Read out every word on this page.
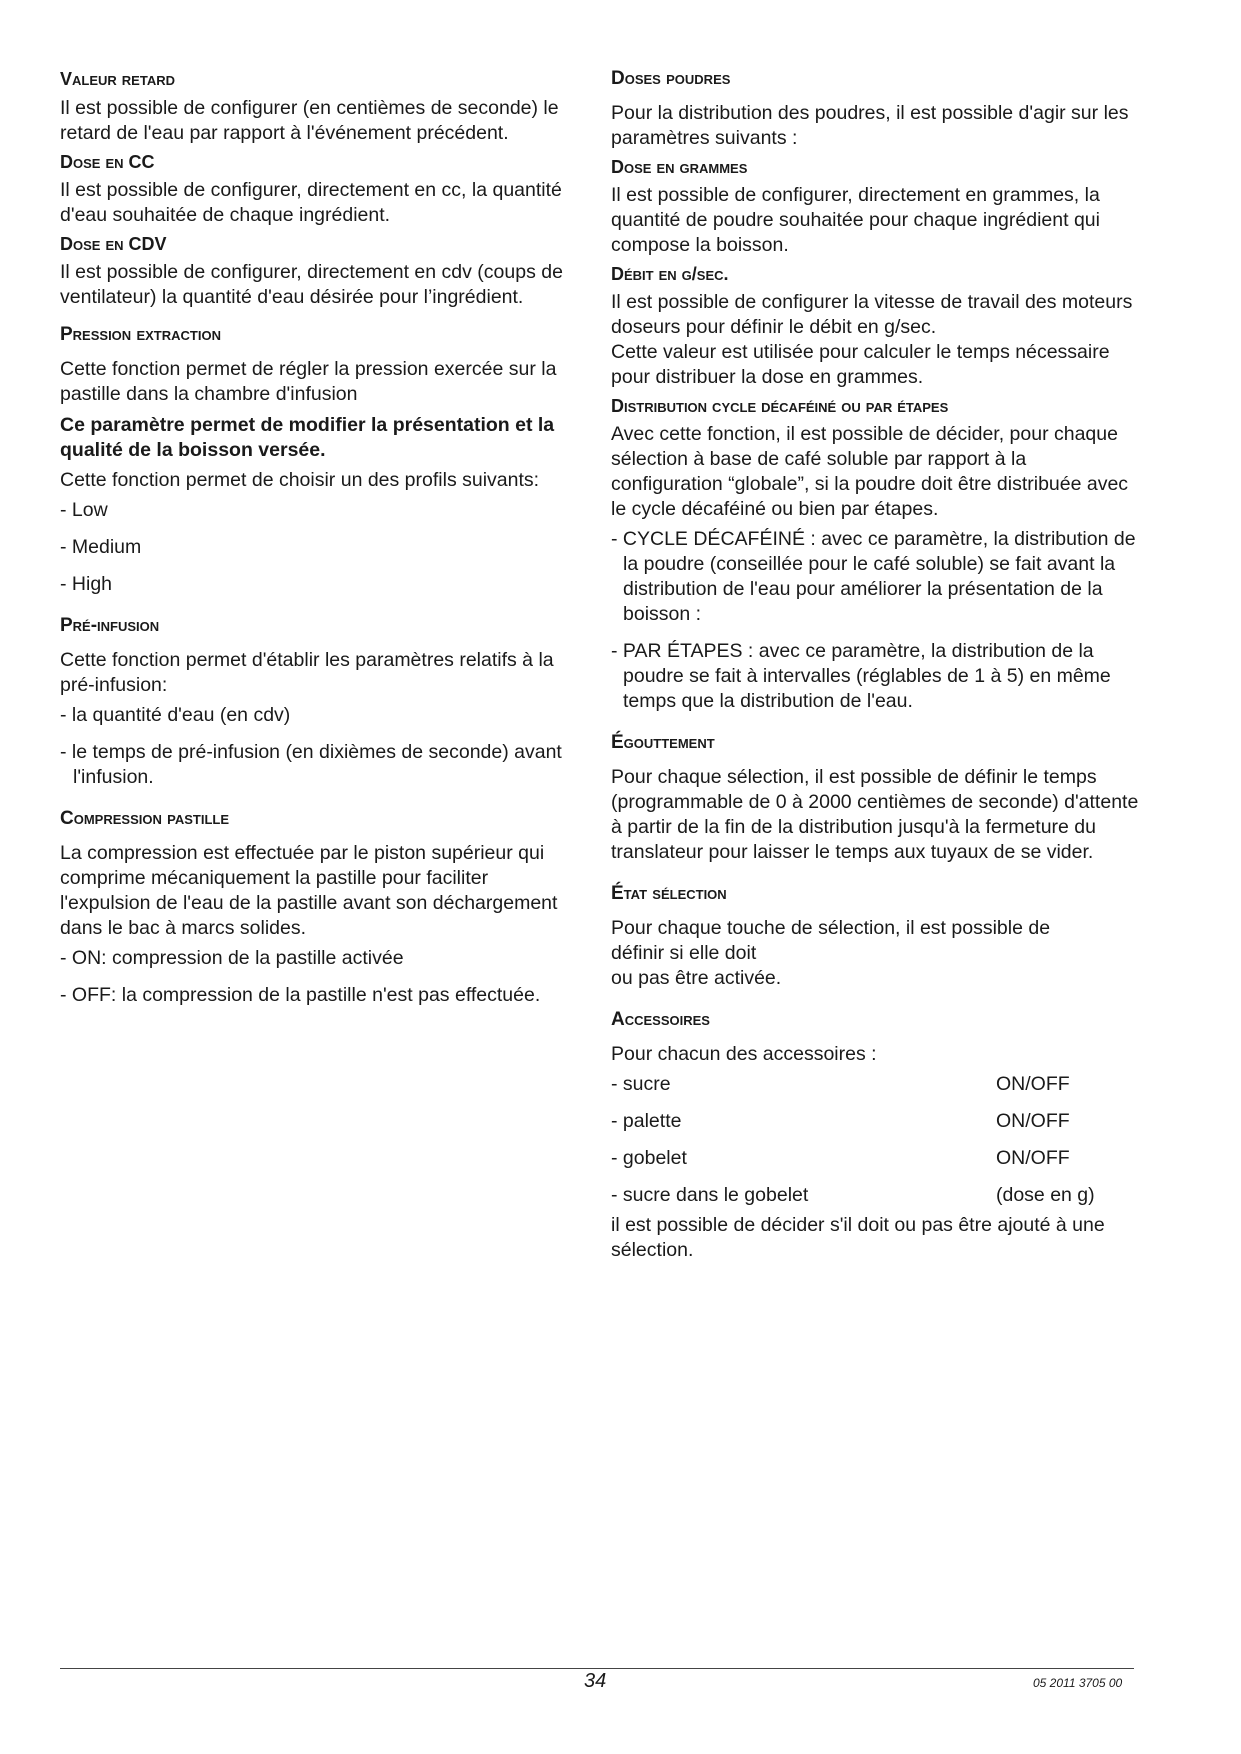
Valeur retard

Il est possible de configurer (en centièmes de seconde) le retard de l'eau par rapport à l'événement précédent.

Dose en CC

Il est possible de configurer, directement en cc, la quantité d'eau souhaitée de chaque ingrédient.

Dose en CDV

Il est possible de configurer, directement en cdv (coups de ventilateur) la quantité d'eau désirée pour l’ingrédient.

Pression extraction

Cette fonction permet de régler la pression exercée sur la pastille dans la chambre d'infusion

Ce paramètre permet de modifier la présentation et la qualité de la boisson versée.

Cette fonction permet de choisir un des profils suivants:

- Low

- Medium

- High

Pré-infusion

Cette fonction permet d'établir les paramètres relatifs à la pré-infusion:

- la quantité d'eau (en cdv)

- le temps de pré-infusion (en dixièmes de seconde) avant l'infusion.

Compression pastille

La compression est effectuée par le piston supérieur qui comprime mécaniquement la pastille pour faciliter l'expulsion de l'eau de la pastille avant son déchargement dans le bac à marcs solides.

- ON: compression de la pastille activée

- OFF: la compression de la pastille n'est pas effectuée.

Doses poudres

Pour la distribution des poudres, il est possible d'agir sur les paramètres suivants :

Dose en grammes

Il est possible de configurer, directement en grammes, la quantité de poudre souhaitée pour chaque ingrédient qui compose la boisson.

Débit en g/sec.

Il est possible de configurer la vitesse de travail des moteurs doseurs pour définir le débit en g/sec.

Cette valeur est utilisée pour calculer le temps nécessaire pour distribuer la dose en grammes.

Distribution cycle décaféiné ou par étapes

Avec cette fonction, il est possible de décider, pour chaque sélection à base de café soluble par rapport à la configuration “globale”, si la poudre doit être distribuée avec le cycle décaféiné ou bien par étapes.

- CYCLE DÉCAFÉINÉ : avec ce paramètre, la distribution de la poudre (conseillée pour le café soluble) se fait avant la distribution de l'eau pour améliorer la présentation de la boisson :

- PAR ÉTAPES : avec ce paramètre, la distribution de la poudre se fait à intervalles (réglables de 1 à 5) en même temps que la distribution de l'eau.

Égouttement

Pour chaque sélection, il est possible de définir le temps (programmable de 0 à 2000 centièmes de seconde) d'attente à partir de la fin de la distribution jusqu'à la fermeture du translateur pour laisser le temps aux tuyaux de se vider.

État sélection

Pour chaque touche de sélection, il est possible de définir si elle doit

ou pas être activée.

Accessoires

Pour chacun des accessoires :

- sucre	ON/OFF
- palette	ON/OFF
- gobelet	ON/OFF
- sucre dans le gobelet	(dose en g)

il est possible de décider s'il doit ou pas être ajouté à une sélection.

34	05 2011 3705 00
